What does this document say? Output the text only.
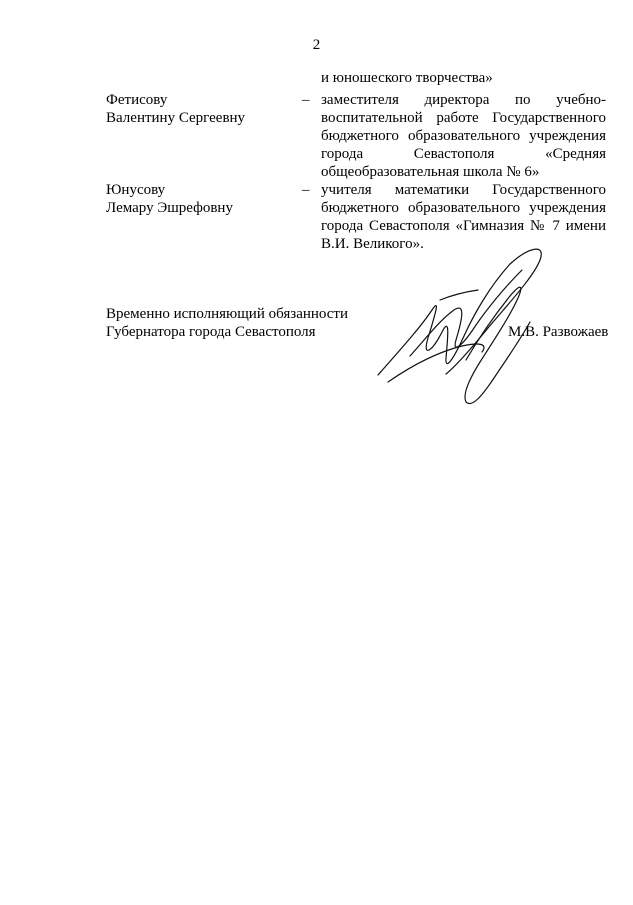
2
и юношеского творчества»
Фетисову
Валентину Сергеевну
– заместителя директора по учебно-
воспитательной работе Государственного
бюджетного образовательного учреждения
города Севастополя «Средняя
общеобразовательная школа № 6»
Юнусову
Лемару Эшрефовну
– учителя математики Государственного
бюджетного образовательного учреждения
города Севастополя «Гимназия № 7 имени
В.И. Великого».
Временно исполняющий обязанности
Губернатора города Севастополя	М.В. Развожаев
